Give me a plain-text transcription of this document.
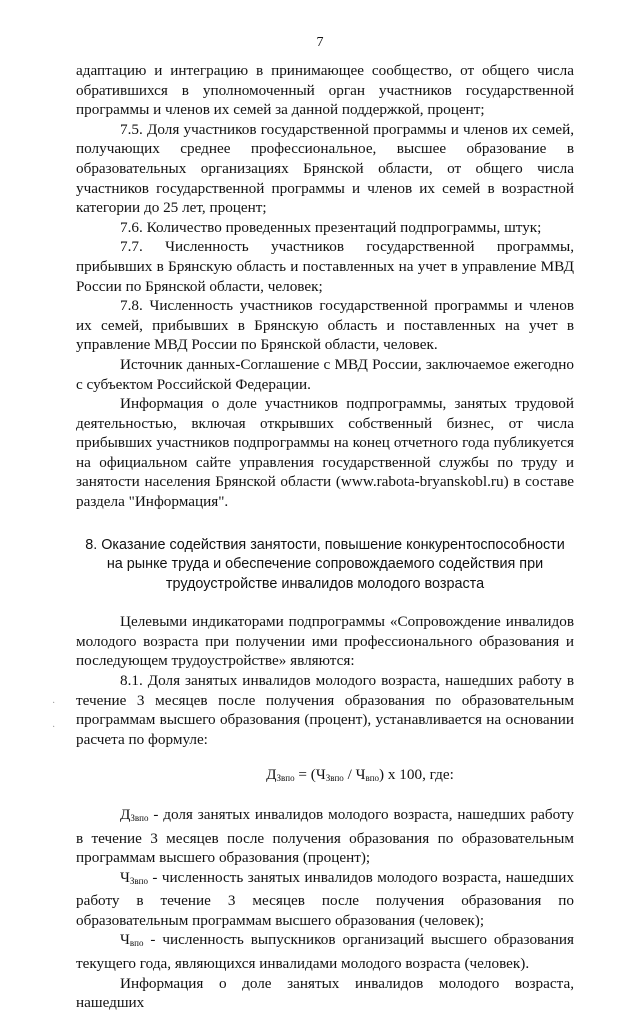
7

адаптацию и интеграцию в принимающее сообщество, от общего числа обратившихся в уполномоченный орган участников государственной программы и членов их семей за данной поддержкой, процент;

7.5. Доля участников государственной программы и членов их семей, получающих среднее профессиональное, высшее образование в образовательных организациях Брянской области, от общего числа участников государственной программы и членов их семей в возрастной категории до 25 лет, процент;

7.6. Количество проведенных презентаций подпрограммы, штук;

7.7. Численность участников государственной программы, прибывших в Брянскую область и поставленных на учет в управление МВД России по Брянской области, человек;

7.8. Численность участников государственной программы и членов их семей, прибывших в Брянскую область и поставленных на учет в управление МВД России по Брянской области, человек.

Источник данных-Соглашение с МВД России, заключаемое ежегодно с субъектом Российской Федерации.

Информация о доле участников подпрограммы, занятых трудовой деятельностью, включая открывших собственный бизнес, от числа прибывших участников подпрограммы на конец отчетного года публикуется на официальном сайте управления государственной службы по труду и занятости населения Брянской области (www.rabota-bryanskobl.ru) в составе раздела "Информация".

8. Оказание содействия занятости, повышение конкурентоспособности на рынке труда и обеспечение сопровождаемого содействия при трудоустройстве инвалидов молодого возраста

Целевыми индикаторами подпрограммы «Сопровождение инвалидов молодого возраста при получении ими профессионального образования и последующем трудоустройстве» являются:

8.1. Доля занятых инвалидов молодого возраста, нашедших работу в течение 3 месяцев после получения образования по образовательным программам высшего образования (процент), устанавливается на основании расчета по формуле:

$Д_{Звпо} = (Ч_{Звпо} / Ч_{впо})$ х 100, где:

$Д_{Звпо}$ - доля занятых инвалидов молодого возраста, нашедших работу в течение 3 месяцев после получения образования по образовательным программам высшего образования (процент);

$Ч_{Звпо}$ - численность занятых инвалидов молодого возраста, нашедших работу в течение 3 месяцев после получения образования по образовательным программам высшего образования (человек);

$Ч_{впо}$ - численность выпускников организаций высшего образования текущего года, являющихся инвалидами молодого возраста (человек).

Информация о доле занятых инвалидов молодого возраста, нашедших

·
·
